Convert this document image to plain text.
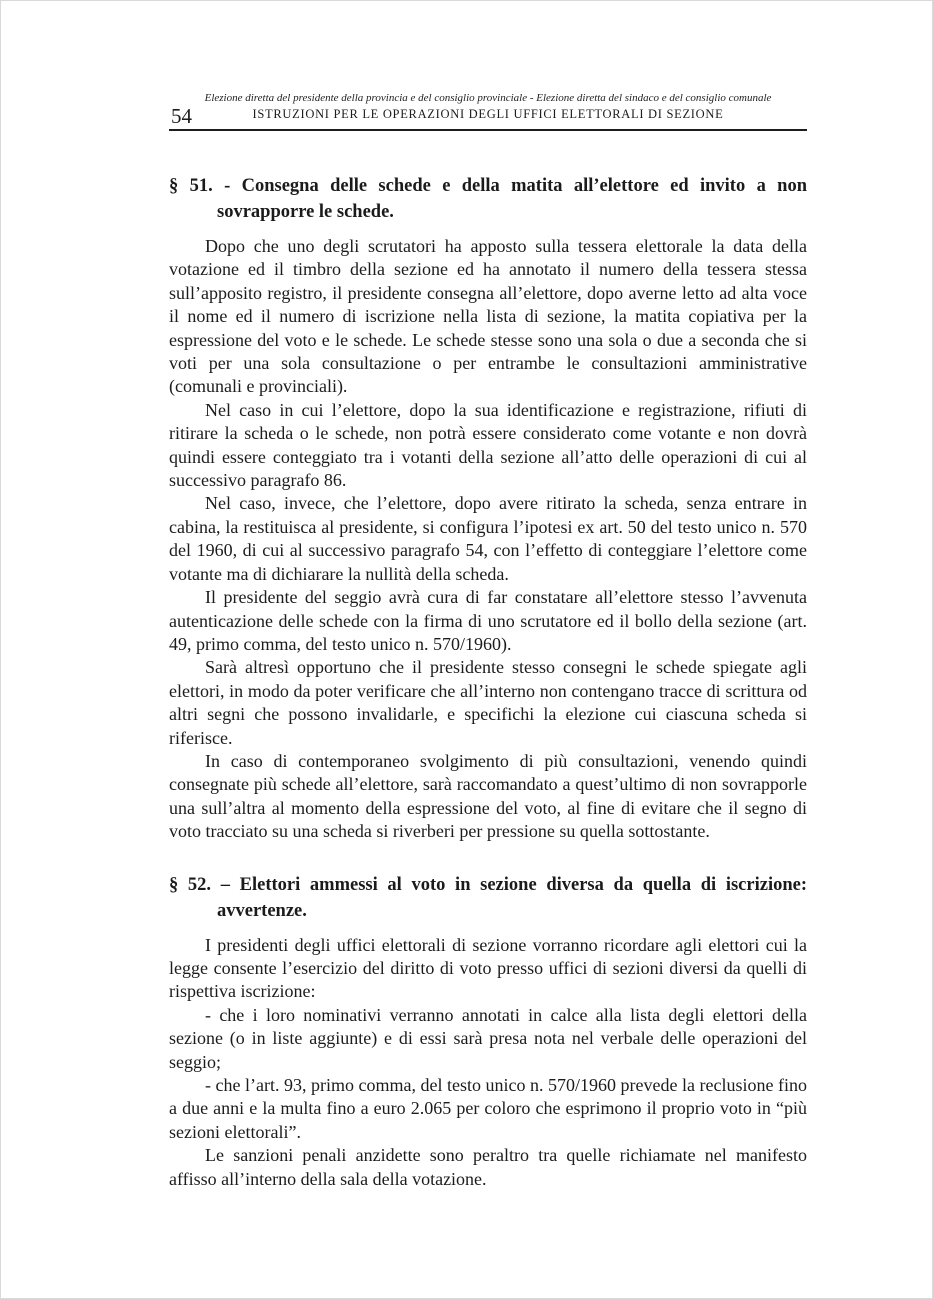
Elezione diretta del presidente della provincia e del consiglio provinciale - Elezione diretta del sindaco e del consiglio comunale
ISTRUZIONI PER LE OPERAZIONI DEGLI UFFICI ELETTORALI DI SEZIONE
54
§ 51. - Consegna delle schede e della matita all’elettore ed invito a non sovrapporre le schede.

Dopo che uno degli scrutatori ha apposto sulla tessera elettorale la data della votazione ed il timbro della sezione ed ha annotato il numero della tessera stessa sull’apposito registro, il presidente consegna all’elettore, dopo averne letto ad alta voce il nome ed il numero di iscrizione nella lista di sezione, la matita copiativa per la espressione del voto e le schede. Le schede stesse sono una sola o due a seconda che si voti per una sola consultazione o per entrambe le consultazioni amministrative (comunali e provinciali).

Nel caso in cui l’elettore, dopo la sua identificazione e registrazione, rifiuti di ritirare la scheda o le schede, non potrà essere considerato come votante e non dovrà quindi essere conteggiato tra i votanti della sezione all’atto delle operazioni di cui al successivo paragrafo 86.

Nel caso, invece, che l’elettore, dopo avere ritirato la scheda, senza entrare in cabina, la restituisca al presidente, si configura l’ipotesi ex art. 50 del testo unico n. 570 del 1960, di cui al successivo paragrafo 54, con l’effetto di conteggiare l’elettore come votante ma di dichiarare la nullità della scheda.

Il presidente del seggio avrà cura di far constatare all’elettore stesso l’avvenuta autenticazione delle schede con la firma di uno scrutatore ed il bollo della sezione (art. 49, primo comma, del testo unico n. 570/1960).

Sarà altresì opportuno che il presidente stesso consegni le schede spiegate agli elettori, in modo da poter verificare che all’interno non contengano tracce di scrittura od altri segni che possono invalidarle, e specifichi la elezione cui ciascuna scheda si riferisce.

In caso di contemporaneo svolgimento di più consultazioni, venendo quindi consegnate più schede all’elettore, sarà raccomandato a quest’ultimo di non sovrapporle una sull’altra al momento della espressione del voto, al fine di evitare che il segno di voto tracciato su una scheda si riverberi per pressione su quella sottostante.

§ 52. – Elettori ammessi al voto in sezione diversa da quella di iscrizione: avvertenze.

I presidenti degli uffici elettorali di sezione vorranno ricordare agli elettori cui la legge consente l’esercizio del diritto di voto presso uffici di sezioni diversi da quelli di rispettiva iscrizione:

- che i loro nominativi verranno annotati in calce alla lista degli elettori della sezione (o in liste aggiunte) e di essi sarà presa nota nel verbale delle operazioni del seggio;

- che l’art. 93, primo comma, del testo unico n. 570/1960 prevede la reclusione fino a due anni e la multa fino a euro 2.065 per coloro che esprimono il proprio voto in “più sezioni elettorali”.

Le sanzioni penali anzidette sono peraltro tra quelle richiamate nel manifesto affisso all’interno della sala della votazione.
